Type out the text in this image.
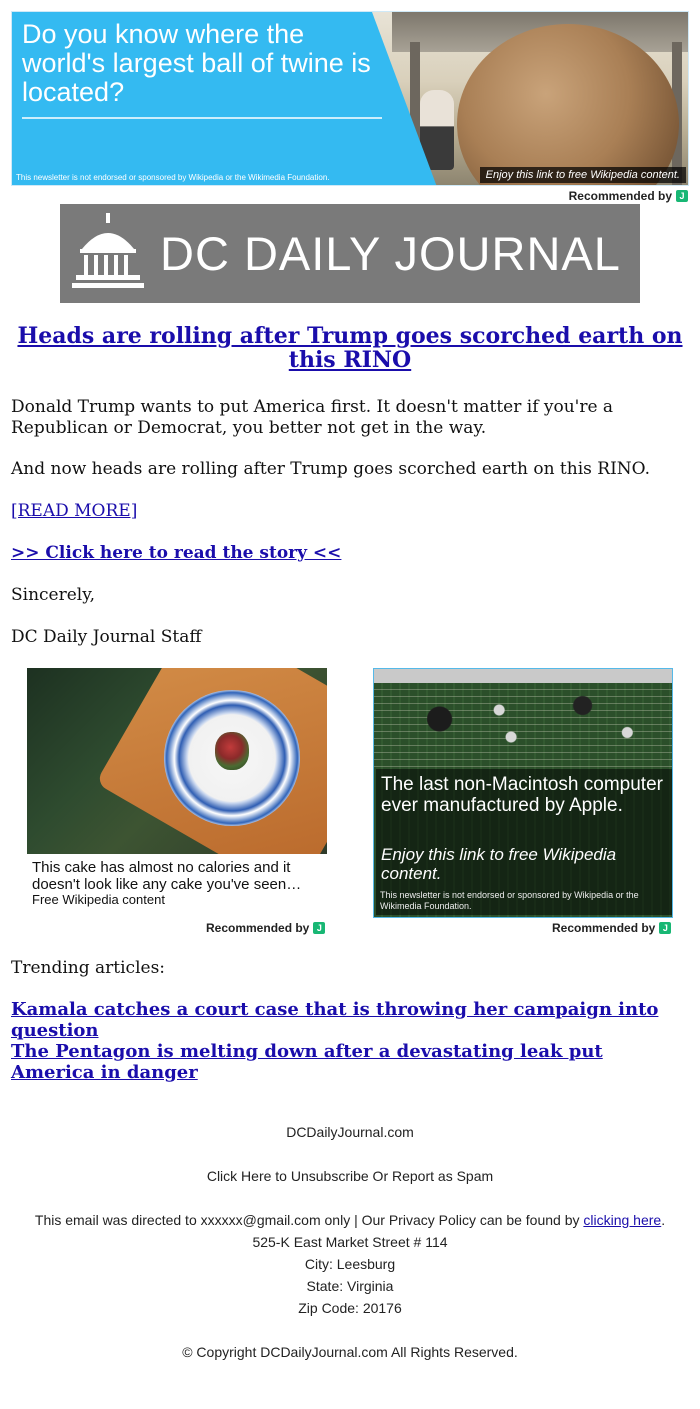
Do you know where the world's largest ball of twine is located?
This newsletter is not endorsed or sponsored by Wikipedia or the Wikimedia Foundation.	Enjoy this link to free Wikipedia content.
Recommended by J
DC DAILY JOURNAL
Heads are rolling after Trump goes scorched earth on this RINO
Donald Trump wants to put America first. It doesn't matter if you're a Republican or Democrat, you better not get in the way.
And now heads are rolling after Trump goes scorched earth on this RINO.
[READ MORE]
>> Click here to read the story <<
Sincerely,
DC Daily Journal Staff
This cake has almost no calories and it doesn't look like any cake you've seen…
Free Wikipedia content
Recommended by J
The last non-Macintosh computer ever manufactured by Apple.
Enjoy this link to free Wikipedia content.
This newsletter is not endorsed or sponsored by Wikipedia or the Wikimedia Foundation.
Recommended by J
Trending articles:
Kamala catches a court case that is throwing her campaign into question
The Pentagon is melting down after a devastating leak put America in danger
DCDailyJournal.com
Click Here to Unsubscribe Or Report as Spam
This email was directed to xxxxxx@gmail.com only | Our Privacy Policy can be found by clicking here.
525-K East Market Street # 114
City: Leesburg
State: Virginia
Zip Code: 20176
© Copyright DCDailyJournal.com All Rights Reserved.
